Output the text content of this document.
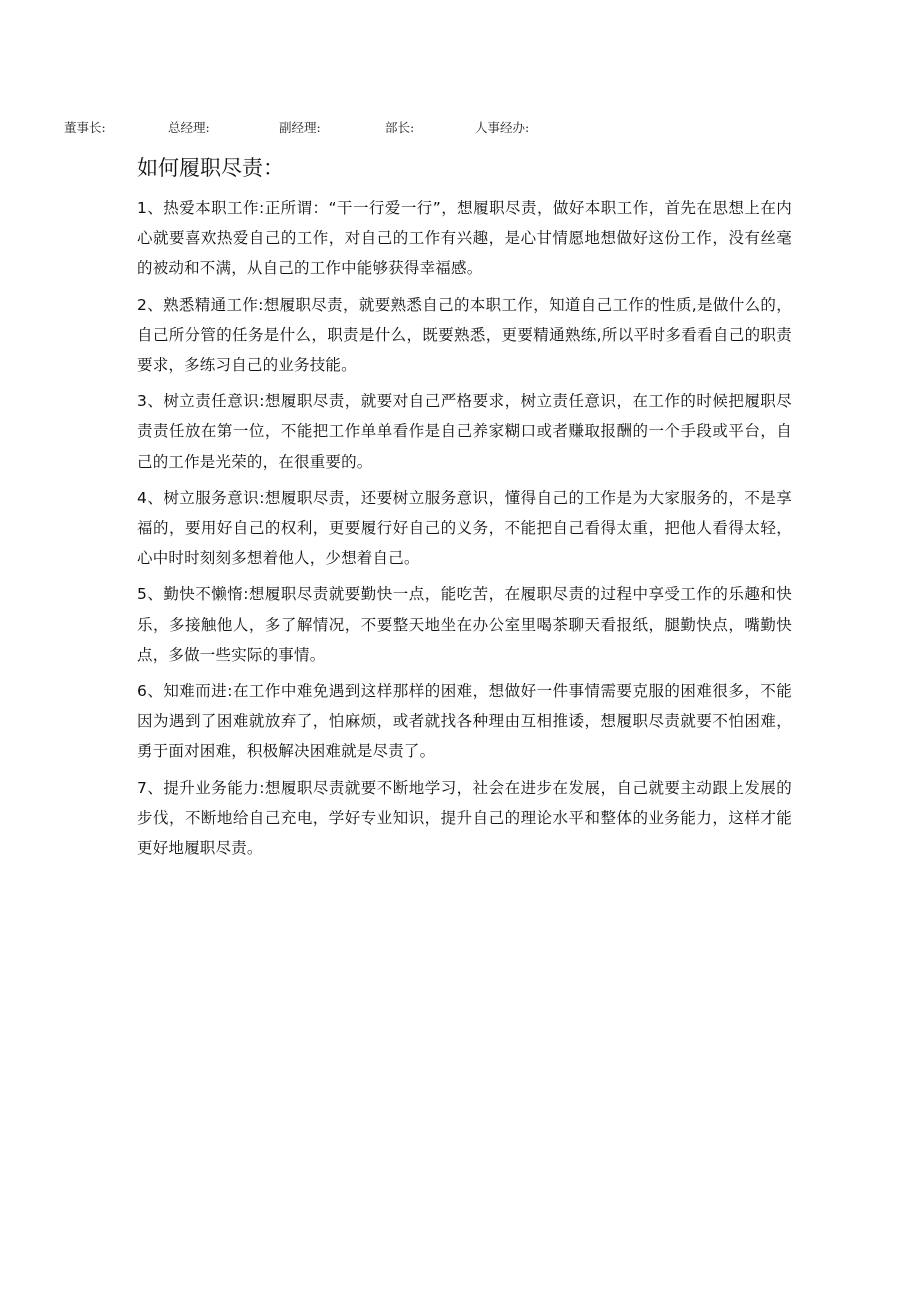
董事长:	总经理:	副经理:	部长:	人事经办:
如何履职尽责：

1、热爱本职工作:正所谓：“干一行爱一行”，想履职尽责，做好本职工作，首先在思想上在内心就要喜欢热爱自己的工作，对自己的工作有兴趣，是心甘情愿地想做好这份工作，没有丝毫的被动和不满，从自己的工作中能够获得幸福感。

2、熟悉精通工作:想履职尽责，就要熟悉自己的本职工作，知道自己工作的性质,是做什么的，自己所分管的任务是什么，职责是什么，既要熟悉，更要精通熟练,所以平时多看看自己的职责要求，多练习自己的业务技能。

3、树立责任意识:想履职尽责，就要对自己严格要求，树立责任意识，在工作的时候把履职尽责责任放在第一位，不能把工作单单看作是自己养家糊口或者赚取报酬的一个手段或平台，自己的工作是光荣的，在很重要的。

4、树立服务意识:想履职尽责，还要树立服务意识，懂得自己的工作是为大家服务的，不是享福的，要用好自己的权利，更要履行好自己的义务，不能把自己看得太重，把他人看得太轻，心中时时刻刻多想着他人，少想着自己。

5、勤快不懒惰:想履职尽责就要勤快一点，能吃苦，在履职尽责的过程中享受工作的乐趣和快乐，多接触他人，多了解情况，不要整天地坐在办公室里喝茶聊天看报纸，腿勤快点，嘴勤快点，多做一些实际的事情。

6、知难而进:在工作中难免遇到这样那样的困难，想做好一件事情需要克服的困难很多，不能因为遇到了困难就放弃了，怕麻烦，或者就找各种理由互相推诿，想履职尽责就要不怕困难，勇于面对困难，积极解决困难就是尽责了。

7、提升业务能力:想履职尽责就要不断地学习，社会在进步在发展，自己就要主动跟上发展的步伐，不断地给自己充电，学好专业知识，提升自己的理论水平和整体的业务能力，这样才能更好地履职尽责。
